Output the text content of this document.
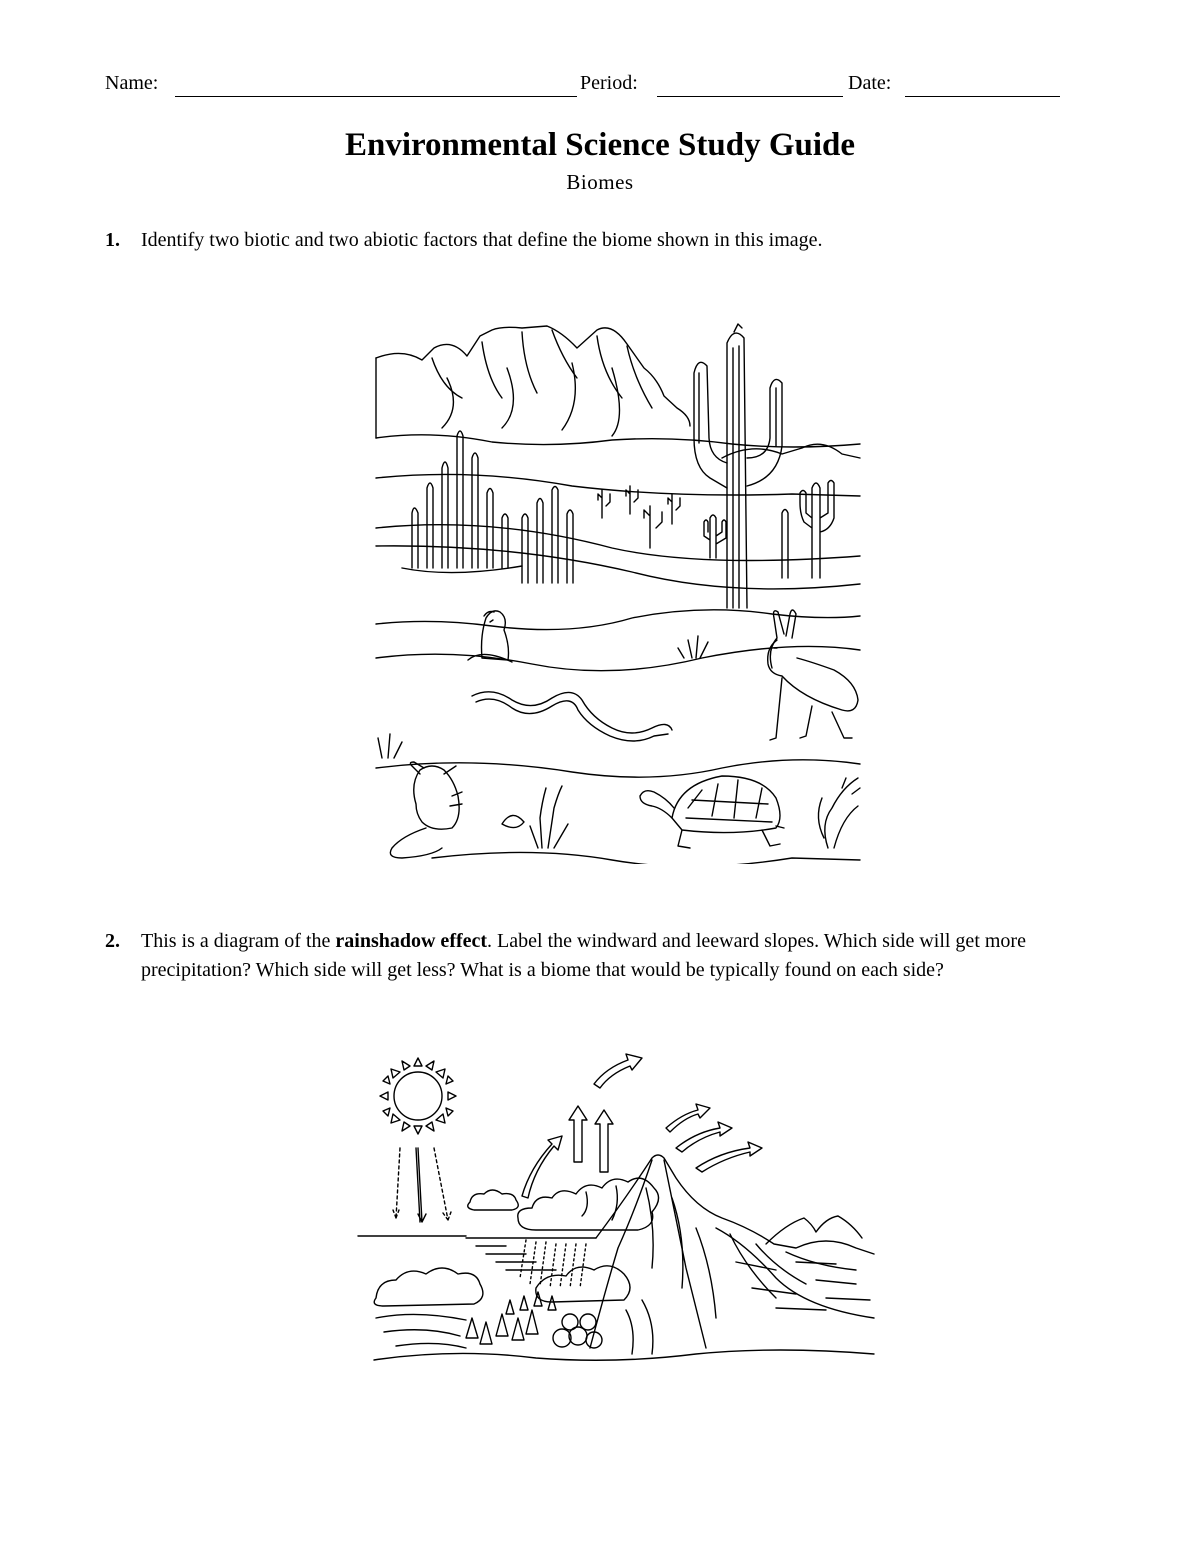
Name:	Period:	Date:
Environmental Science Study Guide
Biomes
1. Identify two biotic and two abiotic factors that define the biome shown in this image.
2. This is a diagram of the rainshadow effect. Label the windward and leeward slopes. Which side will get more precipitation? Which side will get less? What is a biome that would be typically found on each side?
